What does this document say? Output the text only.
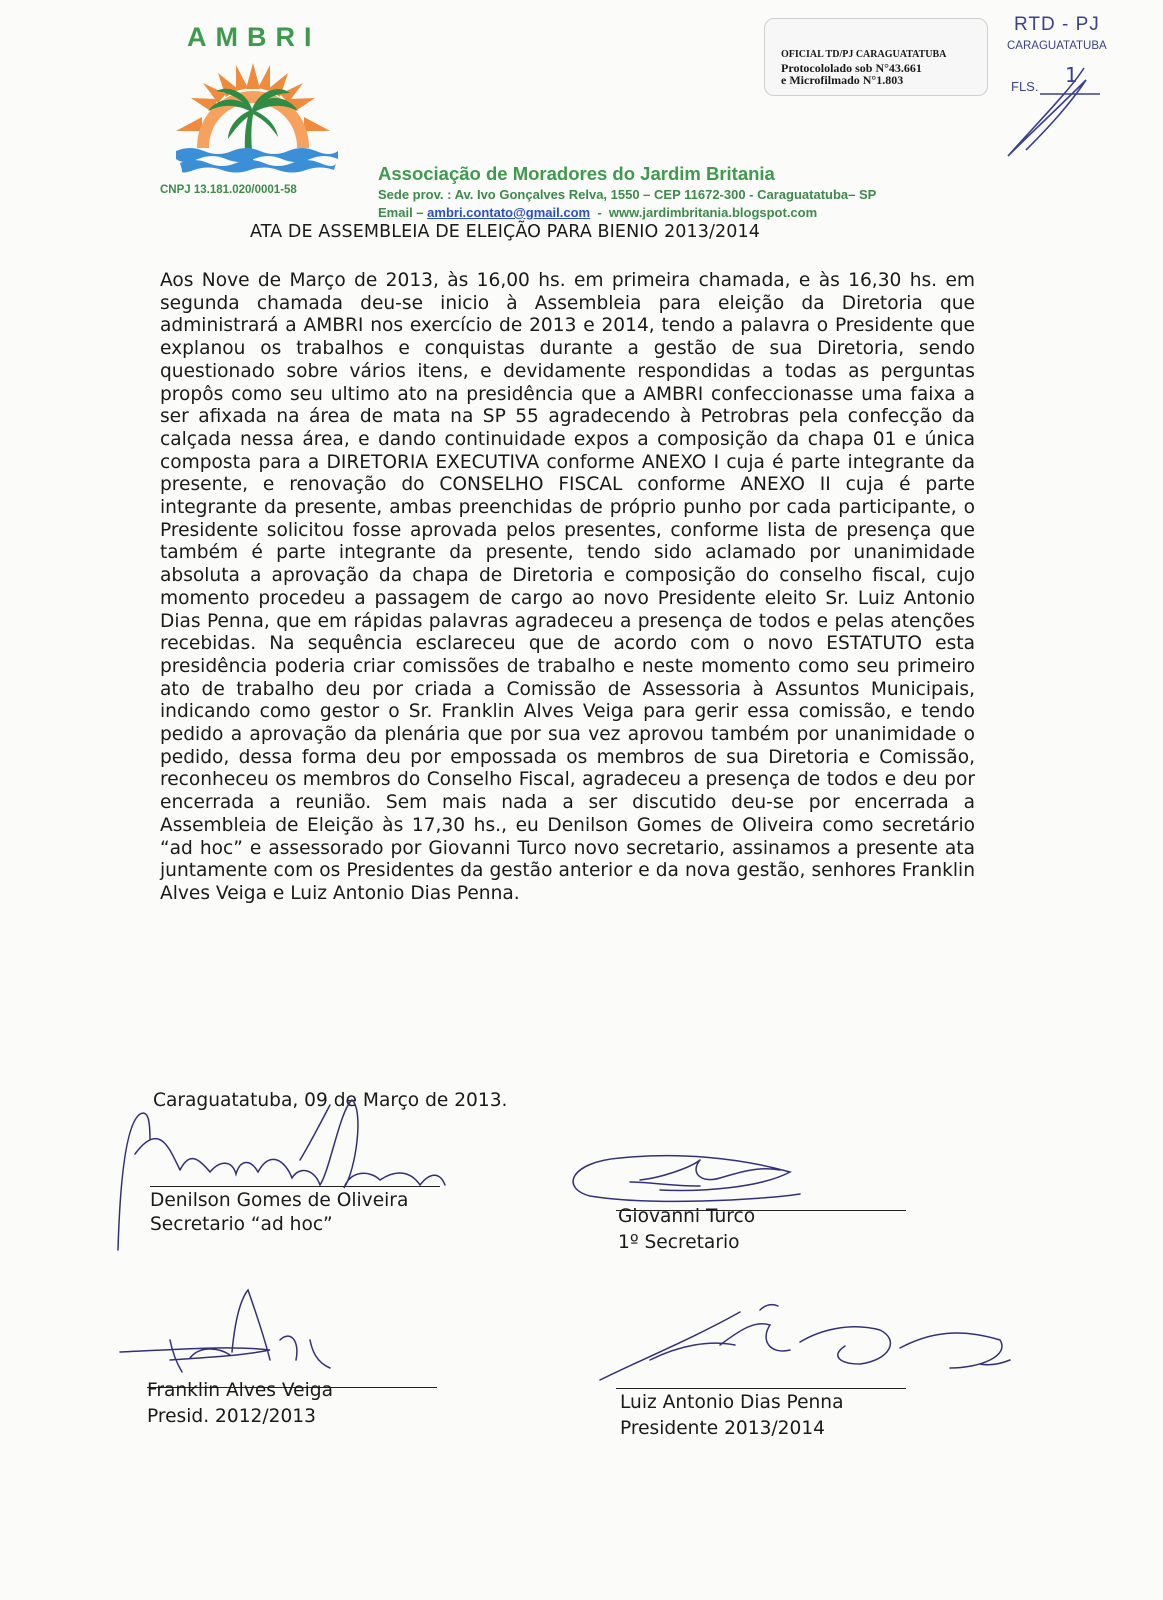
AMBRI
CNPJ 13.181.020/0001-58
Associação de Moradores do Jardim Britania
Sede prov. : Av. Ivo Gonçalves Relva, 1550 – CEP 11672-300 - Caraguatatuba– SP
Email – ambri.contato@gmail.com - www.jardimbritania.blogspot.com
OFICIAL TD/PJ CARAGUATATUBA
Protocololado sob N°43.661
e Microfilmado N°1.803
RTD - PJ
CARAGUATATUBA
FLS. 1
ATA DE ASSEMBLEIA DE ELEIÇÃO PARA BIENIO 2013/2014
Aos Nove de Março de 2013, às 16,00 hs. em primeira chamada, e às 16,30 hs. em segunda chamada deu-se inicio à Assembleia para eleição da Diretoria que administrará a AMBRI nos exercício de 2013 e 2014, tendo a palavra o Presidente que explanou os trabalhos e conquistas durante a gestão de sua Diretoria, sendo questionado sobre vários itens, e devidamente respondidas a todas as perguntas propôs como seu ultimo ato na presidência que a AMBRI confeccionasse uma faixa a ser afixada na área de mata na SP 55 agradecendo à Petrobras pela confecção da calçada nessa área, e dando continuidade expos a composição da chapa 01 e única composta para a DIRETORIA EXECUTIVA conforme ANEXO I cuja é parte integrante da presente, e renovação do CONSELHO FISCAL conforme ANEXO II cuja é parte integrante da presente, ambas preenchidas de próprio punho por cada participante, o Presidente solicitou fosse aprovada pelos presentes, conforme lista de presença que também é parte integrante da presente, tendo sido aclamado por unanimidade absoluta a aprovação da chapa de Diretoria e composição do conselho fiscal, cujo momento procedeu a passagem de cargo ao novo Presidente eleito Sr. Luiz Antonio Dias Penna, que em rápidas palavras agradeceu a presença de todos e pelas atenções recebidas. Na sequência esclareceu que de acordo com o novo ESTATUTO esta presidência poderia criar comissões de trabalho e neste momento como seu primeiro ato de trabalho deu por criada a Comissão de Assessoria à Assuntos Municipais, indicando como gestor o Sr. Franklin Alves Veiga para gerir essa comissão, e tendo pedido a aprovação da plenária que por sua vez aprovou também por unanimidade o pedido, dessa forma deu por empossada os membros de sua Diretoria e Comissão, reconheceu os membros do Conselho Fiscal, agradeceu a presença de todos e deu por encerrada a reunião. Sem mais nada a ser discutido deu-se por encerrada a Assembleia de Eleição às 17,30 hs., eu Denilson Gomes de Oliveira como secretário “ad hoc” e assessorado por Giovanni Turco novo secretario, assinamos a presente ata juntamente com os Presidentes da gestão anterior e da nova gestão, senhores Franklin Alves Veiga e Luiz Antonio Dias Penna.
Caraguatatuba, 09 de Março de 2013.
Denilson Gomes de Oliveira
Secretario “ad hoc”	Giovanni Turco
1º Secretario
Franklin Alves Veiga
Presid. 2012/2013
Luiz Antonio Dias Penna
Presidente 2013/2014
